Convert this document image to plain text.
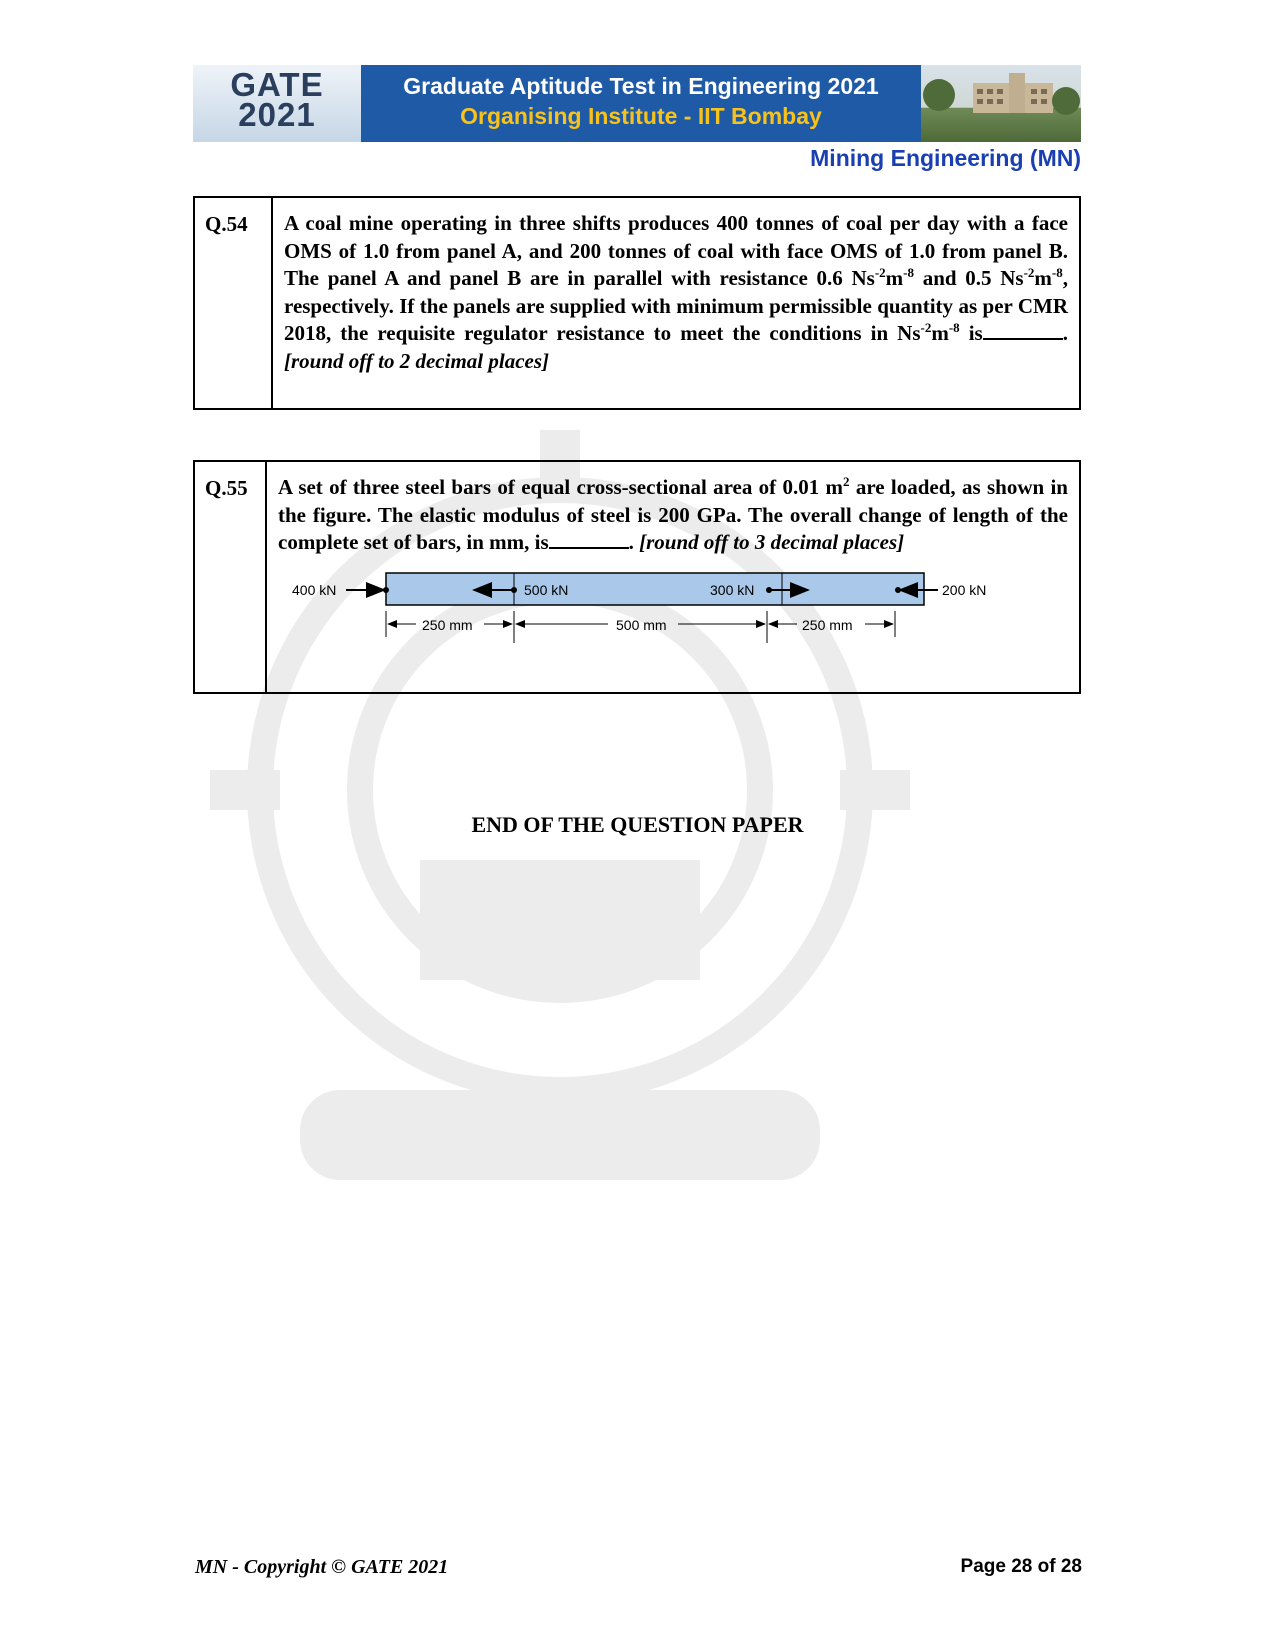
GATE
2021
Graduate Aptitude Test in Engineering 2021
Organising Institute - IIT Bombay
Mining Engineering (MN)
Q.54	A coal mine operating in three shifts produces 400 tonnes of coal per day with a face OMS of 1.0 from panel A, and 200 tonnes of coal with face OMS of 1.0 from panel B. The panel A and panel B are in parallel with resistance 0.6 $Ns^{-2}m^{-8}$ and 0.5 $Ns^{-2}m^{-8}$, respectively. If the panels are supplied with minimum permissible quantity as per CMR 2018, the requisite regulator resistance to meet the conditions in $Ns^{-2}m^{-8}$ is	. [round off to 2 decimal places]
Q.55	A set of three steel bars of equal cross-sectional area of 0.01 $m^2$ are loaded, as shown in the figure. The elastic modulus of steel is 200 GPa. The overall change of length of the complete set of bars, in mm, is	. [round off to 3 decimal places]
400 kN	500 kN	300 kN	200 kN
250 mm	500 mm	250 mm
END OF THE QUESTION PAPER
MN - Copyright © GATE 2021	Page 28 of 28
